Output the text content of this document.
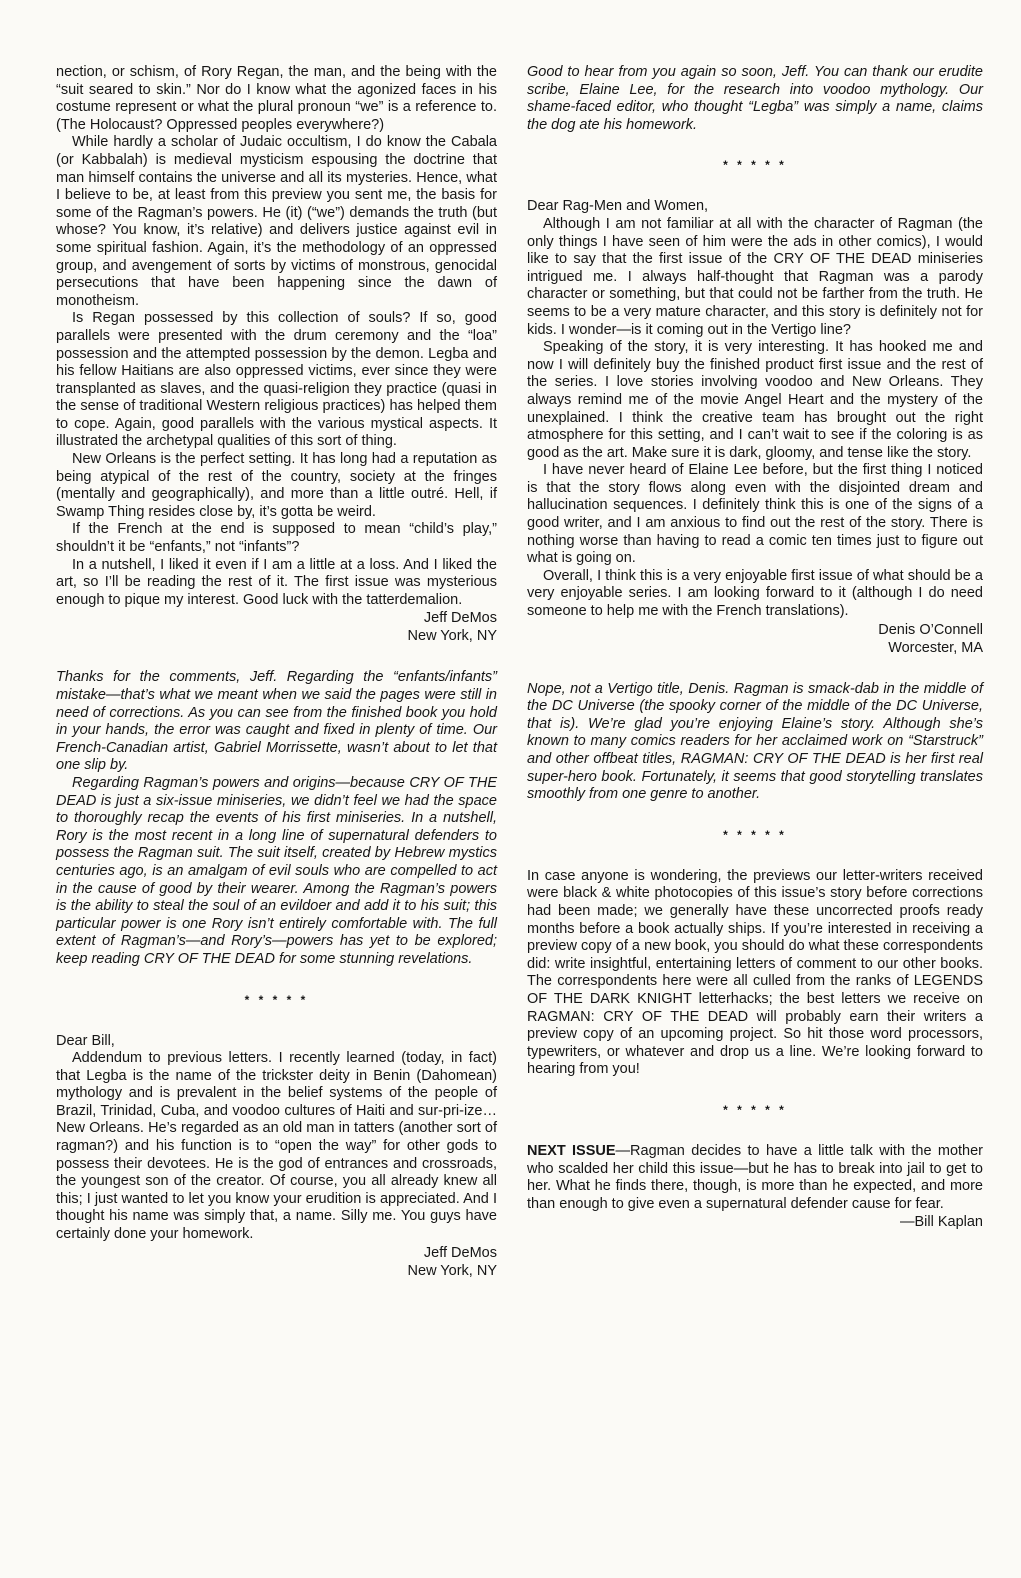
nection, or schism, of Rory Regan, the man, and the being with the “suit seared to skin.” Nor do I know what the agonized faces in his costume represent or what the plural pronoun “we” is a reference to. (The Holocaust? Oppressed peoples everywhere?)

While hardly a scholar of Judaic occultism, I do know the Cabala (or Kabbalah) is medieval mysticism espousing the doctrine that man himself contains the universe and all its mysteries. Hence, what I believe to be, at least from this preview you sent me, the basis for some of the Ragman’s powers. He (it) (“we”) demands the truth (but whose? You know, it’s relative) and delivers justice against evil in some spiritual fashion. Again, it’s the methodology of an oppressed group, and avengement of sorts by victims of monstrous, genocidal persecutions that have been happening since the dawn of monotheism.

Is Regan possessed by this collection of souls? If so, good parallels were presented with the drum ceremony and the “loa” possession and the attempted possession by the demon. Legba and his fellow Haitians are also oppressed victims, ever since they were transplanted as slaves, and the quasi-religion they practice (quasi in the sense of traditional Western religious practices) has helped them to cope. Again, good parallels with the various mystical aspects. It illustrated the archetypal qualities of this sort of thing.

New Orleans is the perfect setting. It has long had a reputation as being atypical of the rest of the country, society at the fringes (mentally and geographically), and more than a little outré. Hell, if Swamp Thing resides close by, it’s gotta be weird.

If the French at the end is supposed to mean “child’s play,” shouldn’t it be “enfants,” not “infants”?

In a nutshell, I liked it even if I am a little at a loss. And I liked the art, so I’ll be reading the rest of it. The first issue was mysterious enough to pique my interest. Good luck with the tatterdemalion.

Jeff DeMos
New York, NY

Thanks for the comments, Jeff. Regarding the “enfants/infants” mistake—that’s what we meant when we said the pages were still in need of corrections. As you can see from the finished book you hold in your hands, the error was caught and fixed in plenty of time. Our French-Canadian artist, Gabriel Morrissette, wasn’t about to let that one slip by.

Regarding Ragman’s powers and origins—because CRY OF THE DEAD is just a six-issue miniseries, we didn’t feel we had the space to thoroughly recap the events of his first miniseries. In a nutshell, Rory is the most recent in a long line of supernatural defenders to possess the Ragman suit. The suit itself, created by Hebrew mystics centuries ago, is an amalgam of evil souls who are compelled to act in the cause of good by their wearer. Among the Ragman’s powers is the ability to steal the soul of an evildoer and add it to his suit; this particular power is one Rory isn’t entirely comfortable with. The full extent of Ragman’s—and Rory’s—powers has yet to be explored; keep reading CRY OF THE DEAD for some stunning revelations.

* * * * *
Dear Bill,

Addendum to previous letters. I recently learned (today, in fact) that Legba is the name of the trickster deity in Benin (Dahomean) mythology and is prevalent in the belief systems of the people of Brazil, Trinidad, Cuba, and voodoo cultures of Haiti and sur-pri-ize…New Orleans. He’s regarded as an old man in tatters (another sort of ragman?) and his function is to “open the way” for other gods to possess their devotees. He is the god of entrances and crossroads, the youngest son of the creator. Of course, you all already knew all this; I just wanted to let you know your erudition is appreciated. And I thought his name was simply that, a name. Silly me. You guys have certainly done your homework.

Jeff DeMos
New York, NY

Good to hear from you again so soon, Jeff. You can thank our erudite scribe, Elaine Lee, for the research into voodoo mythology. Our shame-faced editor, who thought “Legba” was simply a name, claims the dog ate his homework.

* * * * *
Dear Rag-Men and Women,

Although I am not familiar at all with the character of Ragman (the only things I have seen of him were the ads in other comics), I would like to say that the first issue of the CRY OF THE DEAD miniseries intrigued me. I always half-thought that Ragman was a parody character or something, but that could not be farther from the truth. He seems to be a very mature character, and this story is definitely not for kids. I wonder—is it coming out in the Vertigo line?

Speaking of the story, it is very interesting. It has hooked me and now I will definitely buy the finished product first issue and the rest of the series. I love stories involving voodoo and New Orleans. They always remind me of the movie Angel Heart and the mystery of the unexplained. I think the creative team has brought out the right atmosphere for this setting, and I can’t wait to see if the coloring is as good as the art. Make sure it is dark, gloomy, and tense like the story.

I have never heard of Elaine Lee before, but the first thing I noticed is that the story flows along even with the disjointed dream and hallucination sequences. I definitely think this is one of the signs of a good writer, and I am anxious to find out the rest of the story. There is nothing worse than having to read a comic ten times just to figure out what is going on.

Overall, I think this is a very enjoyable first issue of what should be a very enjoyable series. I am looking forward to it (although I do need someone to help me with the French translations).

Denis O’Connell
Worcester, MA

Nope, not a Vertigo title, Denis. Ragman is smack-dab in the middle of the DC Universe (the spooky corner of the middle of the DC Universe, that is). We’re glad you’re enjoying Elaine’s story. Although she’s known to many comics readers for her acclaimed work on “Starstruck” and other offbeat titles, RAGMAN: CRY OF THE DEAD is her first real super-hero book. Fortunately, it seems that good storytelling translates smoothly from one genre to another.

* * * * *

In case anyone is wondering, the previews our letter-writers received were black & white photocopies of this issue’s story before corrections had been made; we generally have these uncorrected proofs ready months before a book actually ships. If you’re interested in receiving a preview copy of a new book, you should do what these correspondents did: write insightful, entertaining letters of comment to our other books. The correspondents here were all culled from the ranks of LEGENDS OF THE DARK KNIGHT letterhacks; the best letters we receive on RAGMAN: CRY OF THE DEAD will probably earn their writers a preview copy of an upcoming project. So hit those word processors, typewriters, or whatever and drop us a line. We’re looking forward to hearing from you!

* * * * *

NEXT ISSUE—Ragman decides to have a little talk with the mother who scalded her child this issue—but he has to break into jail to get to her. What he finds there, though, is more than he expected, and more than enough to give even a supernatural defender cause for fear.

—Bill Kaplan
